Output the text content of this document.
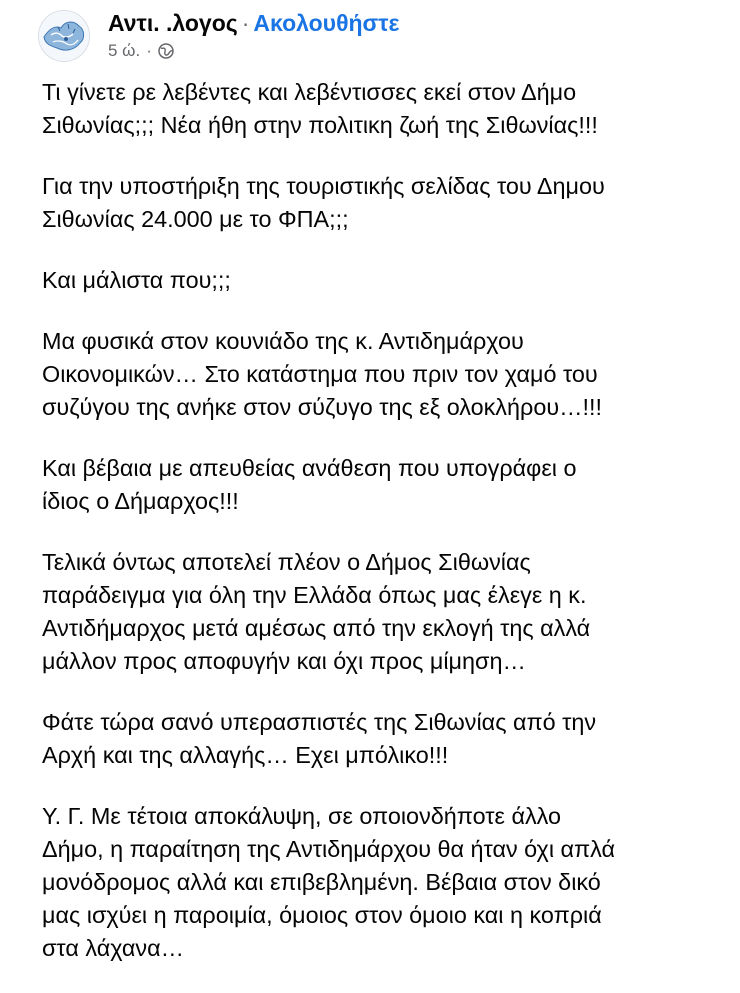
Αντι. .λογος · Ακολουθήστε
5 ώ. ·

Τι γίνετε ρε λεβέντες και λεβέντισσες εκεί στον Δήμο
Σιθωνίας;;; Νέα ήθη στην πολιτικη ζωή της Σιθωνίας!!!

Για την υποστήριξη της τουριστικής σελίδας του Δημου
Σιθωνίας 24.000 με το ΦΠΑ;;;

Και μάλιστα που;;;

Μα φυσικά στον κουνιάδο της κ. Αντιδημάρχου
Οικονομικών… Στο κατάστημα που πριν τον χαμό του
συζύγου της ανήκε στον σύζυγο της εξ ολοκλήρου…!!!

Και βέβαια με απευθείας ανάθεση που υπογράφει ο
ίδιος ο Δήμαρχος!!!

Τελικά όντως αποτελεί πλέον ο Δήμος Σιθωνίας
παράδειγμα για όλη την Ελλάδα όπως μας έλεγε η κ.
Αντιδήμαρχος μετά αμέσως από την εκλογή της αλλά
μάλλον προς αποφυγήν και όχι προς μίμηση…

Φάτε τώρα σανό υπερασπιστές της Σιθωνίας από την
Αρχή και της αλλαγής… Εχει μπόλικο!!!

Υ. Γ. Με τέτοια αποκάλυψη, σε οποιονδήποτε άλλο
Δήμο, η παραίτηση της Αντιδημάρχου θα ήταν όχι απλά
μονόδρομος αλλά και επιβεβλημένη. Βέβαια στον δικό
μας ισχύει η παροιμία, όμοιος στον όμοιο και η κοπριά
στα λάχανα…
